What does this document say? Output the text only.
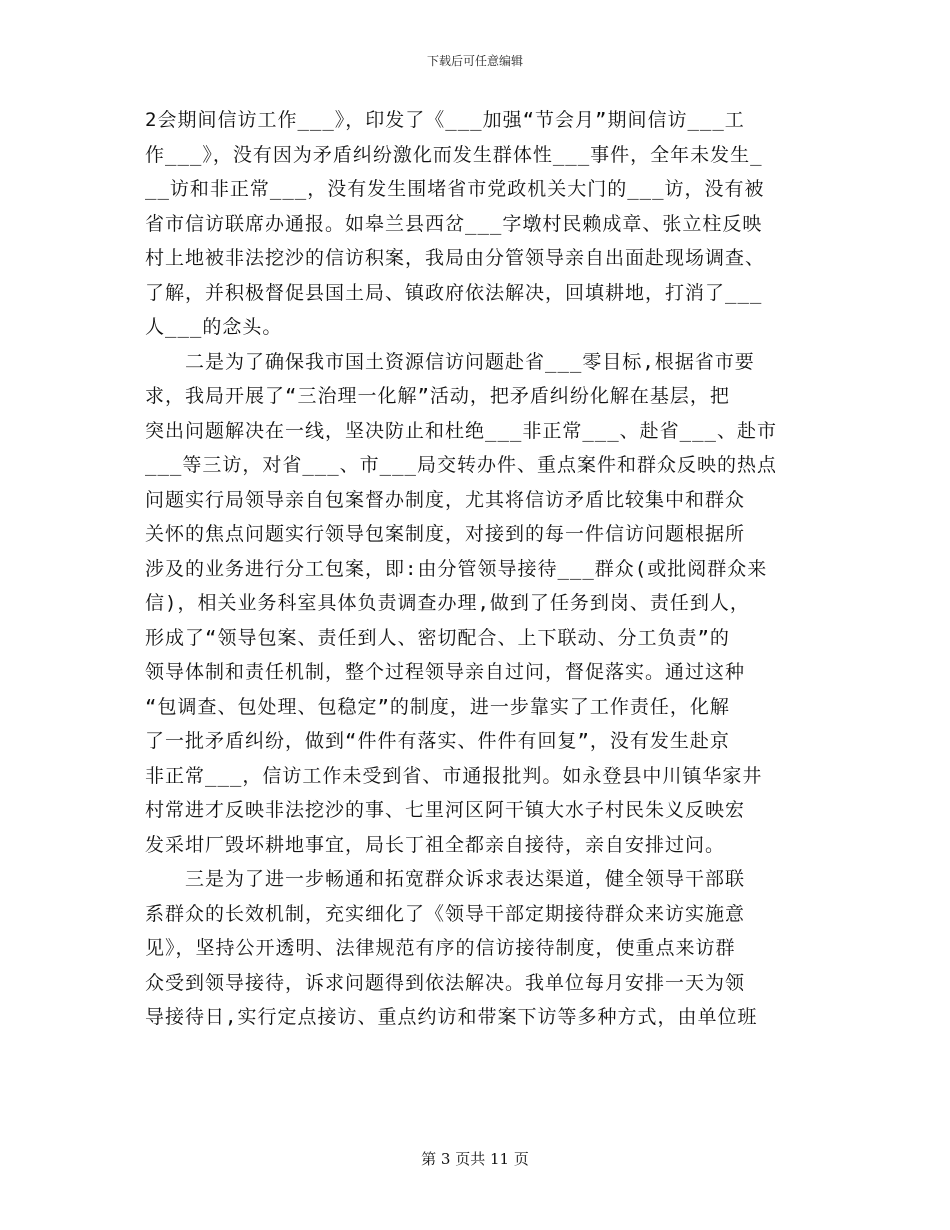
下载后可任意编辑
2会期间信访工作___》，印发了《___加强“节会月”期间信访___工
作___》，没有因为矛盾纠纷激化而发生群体性___事件，全年未发生_
__访和非正常___，没有发生围堵省市党政机关大门的___访，没有被
省市信访联席办通报。如皋兰县西岔___字墩村民赖成章、张立柱反映
村上地被非法挖沙的信访积案，我局由分管领导亲自出面赴现场调查、
了解，并积极督促县国土局、镇政府依法解决，回填耕地，打消了___
人___的念头。
　　二是为了确保我市国土资源信访问题赴省___零目标,根据省市要
求，我局开展了“三治理一化解”活动，把矛盾纠纷化解在基层，把
突出问题解决在一线，坚决防止和杜绝___非正常___、赴省___、赴市
___等三访，对省___、市___局交转办件、重点案件和群众反映的热点
问题实行局领导亲自包案督办制度，尤其将信访矛盾比较集中和群众
关怀的焦点问题实行领导包案制度，对接到的每一件信访问题根据所
涉及的业务进行分工包案，即:由分管领导接待___群众(或批阅群众来
信)，相关业务科室具体负责调查办理,做到了任务到岗、责任到人，
形成了“领导包案、责任到人、密切配合、上下联动、分工负责”的
领导体制和责任机制，整个过程领导亲自过问，督促落实。通过这种
“包调查、包处理、包稳定”的制度，进一步靠实了工作责任，化解
了一批矛盾纠纷，做到“件件有落实、件件有回复”，没有发生赴京
非正常___，信访工作未受到省、市通报批判。如永登县中川镇华家井
村常进才反映非法挖沙的事、七里河区阿干镇大水子村民朱义反映宏
发采坩厂毁坏耕地事宜，局长丁祖全都亲自接待，亲自安排过问。
　　三是为了进一步畅通和拓宽群众诉求表达渠道，健全领导干部联
系群众的长效机制，充实细化了《领导干部定期接待群众来访实施意
见》，坚持公开透明、法律规范有序的信访接待制度，使重点来访群
众受到领导接待，诉求问题得到依法解决。我单位每月安排一天为领
导接待日,实行定点接访、重点约访和带案下访等多种方式，由单位班
第 3 页共 11 页
